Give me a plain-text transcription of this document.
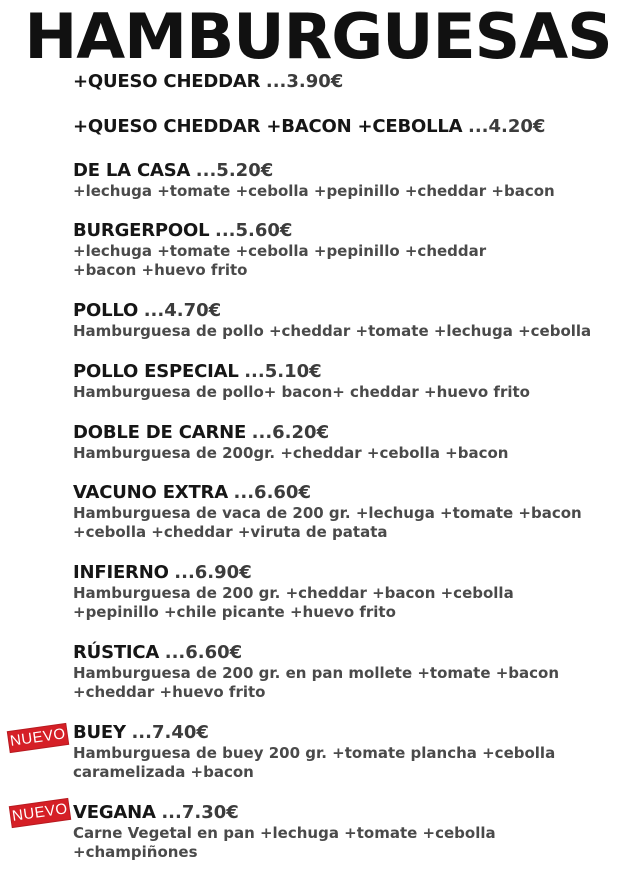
HAMBURGUESAS
+QUESO CHEDDAR ...3.90€
+QUESO CHEDDAR +BACON +CEBOLLA ...4.20€
DE LA CASA ...5.20€
+lechuga +tomate +cebolla +pepinillo +cheddar +bacon
BURGERPOOL ...5.60€
+lechuga +tomate +cebolla +pepinillo +cheddar
+bacon +huevo frito
POLLO ...4.70€
Hamburguesa de pollo +cheddar +tomate +lechuga +cebolla
POLLO ESPECIAL ...5.10€
Hamburguesa de pollo+ bacon+ cheddar +huevo frito
DOBLE DE CARNE ...6.20€
Hamburguesa de 200gr. +cheddar +cebolla +bacon
VACUNO EXTRA ...6.60€
Hamburguesa de vaca de 200 gr. +lechuga +tomate +bacon
+cebolla +cheddar +viruta de patata
INFIERNO ...6.90€
Hamburguesa de 200 gr. +cheddar +bacon +cebolla
+pepinillo +chile picante +huevo frito
RÚSTICA ...6.60€
Hamburguesa de 200 gr. en pan mollete +tomate +bacon
+cheddar +huevo frito
NUEVO BUEY ...7.40€
Hamburguesa de buey 200 gr. +tomate plancha +cebolla
caramelizada +bacon
NUEVO VEGANA ...7.30€
Carne Vegetal en pan +lechuga +tomate +cebolla
+champiñones
